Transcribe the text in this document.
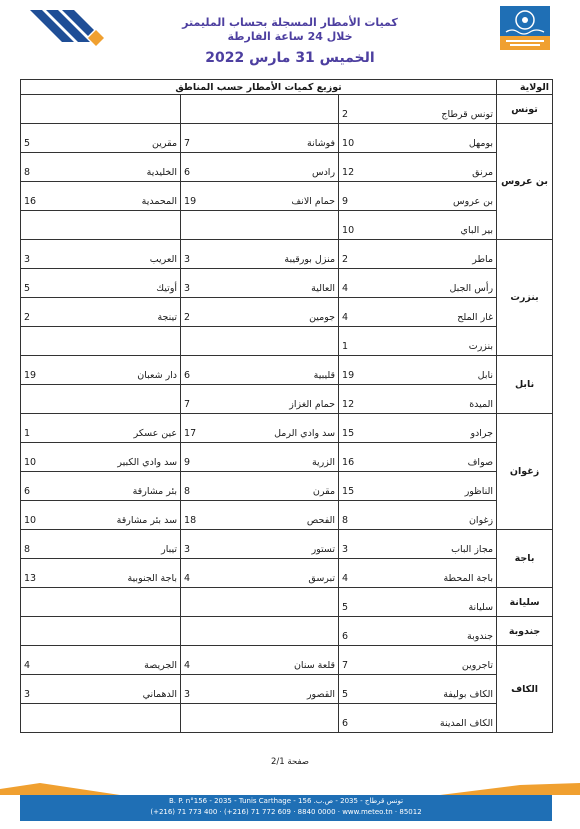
كميات الأمطار المسجلة بحساب المليمتر
خلال 24 ساعة الفارطة
الخميس 31 مارس 2022
الولاية	توزيع كميات الأمطار حسب المناطق					
تونس	تونس قرطاج	2				
بن عروس	بومهل	10	فوشانة	7	مقرين	5
	مرنق	12	رادس	6	الخليدية	8
	بن عروس	9	حمام الانف	19	المحمدية	16
	بير الباي	10				
بنزرت	ماطر	2	منزل بورقيبة	3	العريب	3
	رأس الجبل	4	العالية	3	أوتيك	5
	غار الملح	4	جومين	2	تينجة	2
	بنزرت	1				
نابل	نابل	19	قليبية	6	دار شعبان	19
	الميدة	12	حمام الغزاز	7		
زغوان	جرادو	15	سد وادي الرمل	17	عين عسكر	1
	صواف	16	الزرية	9	سد وادي الكبير	10
	الناظور	15	مقرن	8	بئر مشارقة	6
	زغوان	8	الفحص	18	سد بئر مشارقة	10
باجة	مجاز الباب	3	تستور	3	تيبار	8
	باجة المحطة	4	تبرسق	4	باجة الجنوبية	13
سليانة	سليانة	5				
جندوبة	جندوبة	6				
الكاف	تاجروين	7	قلعة سنان	4	الجريصة	4
	الكاف بوليفة	5	القصور	3	الدهماني	3
	الكاف المدينة	6				
صفحة 2/1
B. P. n°156 - 2035 - Tunis Carthage - تونس قرطاج - 2035 - ص.ب. 156
(+216) 71 773 400 · (+216) 71 772 609 · 8840 0000 · www.meteo.tn · 85012
